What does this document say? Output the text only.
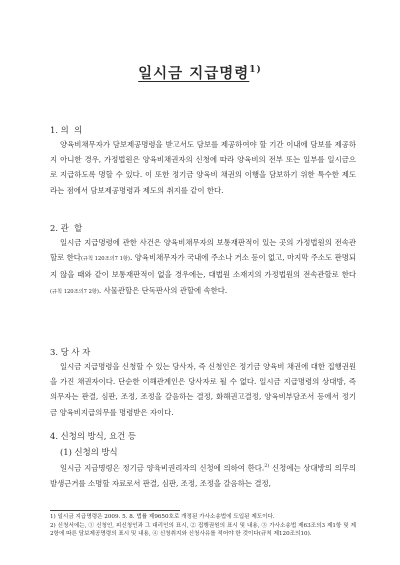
일시금 지급명령$^{1)}$
1. 의  의

양육비채무자가 담보제공명령을 받고서도 담보를 제공하여야 할 기간 이내에 담보를 제공하지 아니한 경우, 가정법원은 양육비채권자의 신청에 따라 양육비의 전부 또는 일부를 일시금으로 지급하도록 명할 수 있다. 이 또한 정기금 양육비 채권의 이행을 담보하기 위한 특수한 제도라는 점에서 담보제공명령과 제도의 취지를 같이 한다.

2. 관  할

일시금 지급명령에 관한 사건은 양육비채무자의 보통재판적이 있는 곳의 가정법원의 전속관할로 한다(규칙 120조의7 1항). 양육비채무자가 국내에 주소나 거소 등이 없고, 마지막 주소도 판명되지 않을 때와 같이 보통재판적이 없을 경우에는, 대법원 소재지의 가정법원의 전속관할로 한다(규칙 120조의7 2항). 사물관할은 단독판사의 관할에 속한다.

3. 당 사 자

일시금 지급명령을 신청할 수 있는 당사자, 즉 신청인은 정기금 양육비 채권에 대한 집행권원을 가진 채권자이다. 단순한 이해관계인은 당사자로 될 수 없다. 일시금 지급명령의 상대방, 즉 의무자는 판결, 심판, 조정, 조정을 갈음하는 결정, 화해권고결정, 양육비부담조서 등에서 정기금 양육비지급의무를 명령받은 자이다.

4. 신청의 방식, 요건 등
(1) 신청의 방식

일시금 지급명령은 정기금 양육비권리자의 신청에 의하여 한다.$^{2)}$ 신청에는 상대방의 의무의 발생근거를 소명할 자료로서 판결, 심판, 조정, 조정을 갈음하는 결정,

1) 일시금 지급명령은 2009. 5. 8. 법률 제9650호로 개정된 가사소송법에 도입된 제도이다.

2) 신청서에는, ① 신청인, 피신청인과 그 대리인의 표시, ② 집행권원의 표시 및 내용, ③ 가사소송법 제63조의3 제1항 및 제2항에 따른 담보제공명령의 표시 및 내용, ④ 신청취지와 신청사유를 적어야 한 것이다(규칙 제120조의10).
